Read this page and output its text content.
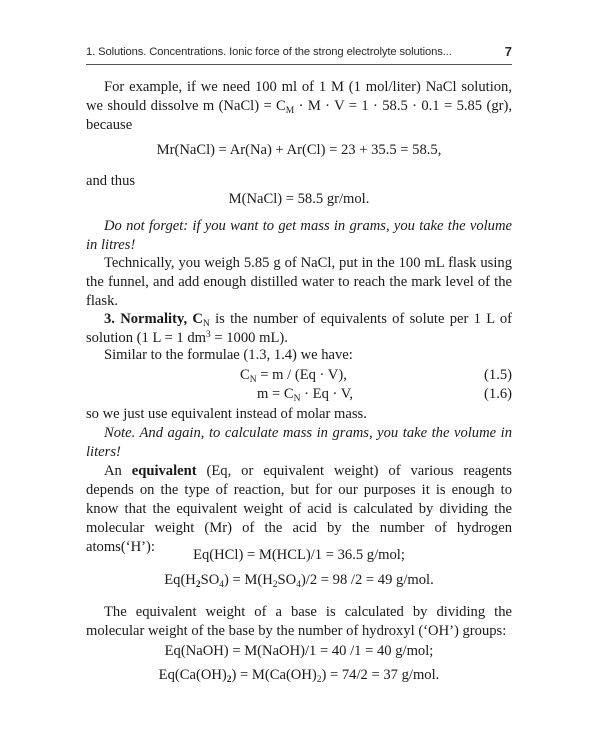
1. Solutions. Concentrations. Ionic force of the strong electrolyte solutions...	7
For example, if we need 100 ml of 1 M (1 mol/liter) NaCl solution,
we should dissolve m (NaCl) = $C_M \cdot M \cdot V = 1 \cdot 58.5 \cdot 0.1 = 5.85$ (gr),
because
Mr(NaCl) = Ar(Na) + Ar(Cl) = 23 + 35.5 = 58.5,
and thus
M(NaCl) = 58.5 gr/mol.
Do not forget: if you want to get mass in grams, you take the volume in litres!
Technically, you weigh 5.85 g of NaCl, put in the 100 mL flask using the funnel, and add enough distilled water to reach the mark level of the flask.
3. Normality, $C_N$ is the number of equivalents of solute per 1 L of solution (1 L = 1 $dm^3 = 1000$ mL).
Similar to the formulae (1.3, 1.4) we have:
$C_N = m / (Eq \cdot V)$,	(1.5)
$m = C_N \cdot Eq \cdot V$,	(1.6)
so we just use equivalent instead of molar mass.
Note. And again, to calculate mass in grams, you take the volume in liters!
An equivalent (Eq, or equivalent weight) of various reagents depends on the type of reaction, but for our purposes it is enough to know that the equivalent weight of acid is calculated by dividing the molecular weight (Mr) of the acid by the number of hydrogen atoms(‘H’):	Eq(HCl) = M(HCL)/1 = 36.5 g/mol;
$Eq(H_2SO_4) = M(H_2SO_4)/2 = 98$ /2 = 49 g/mol.
The equivalent weight of a base is calculated by dividing the molecular weight of the base by the number of hydroxyl (‘OH’) groups:
Eq(NaOH) = M(NaOH)/1 = 40 /1 = 40 g/mol;
$Eq(Ca(OH)_2) = M(Ca(OH)_2) = 74/2 = 37$ g/mol.
